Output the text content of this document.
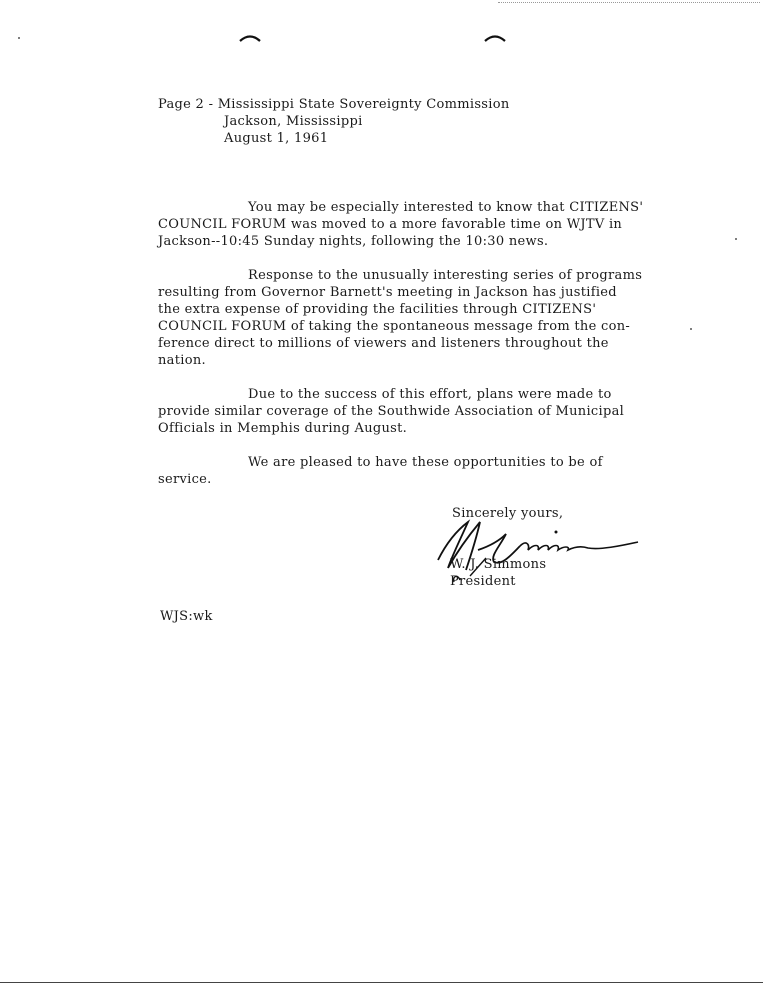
Page 2 - Mississippi State Sovereignty Commission
Jackson, Mississippi
August 1, 1961
You may be especially interested to know that CITIZENS'
COUNCIL FORUM was moved to a more favorable time on WJTV in
Jackson--10:45 Sunday nights, following the 10:30 news.
Response to the unusually interesting series of programs
resulting from Governor Barnett's meeting in Jackson has justified
the extra expense of providing the facilities through CITIZENS'
COUNCIL FORUM of taking the spontaneous message from the con-
ference direct to millions of viewers and listeners throughout the
nation.
Due to the success of this effort, plans were made to
provide similar coverage of the Southwide Association of Municipal
Officials in Memphis during August.
We are pleased to have these opportunities to be of
service.
Sincerely yours,
W. J. Simmons
President
WJS:wk
